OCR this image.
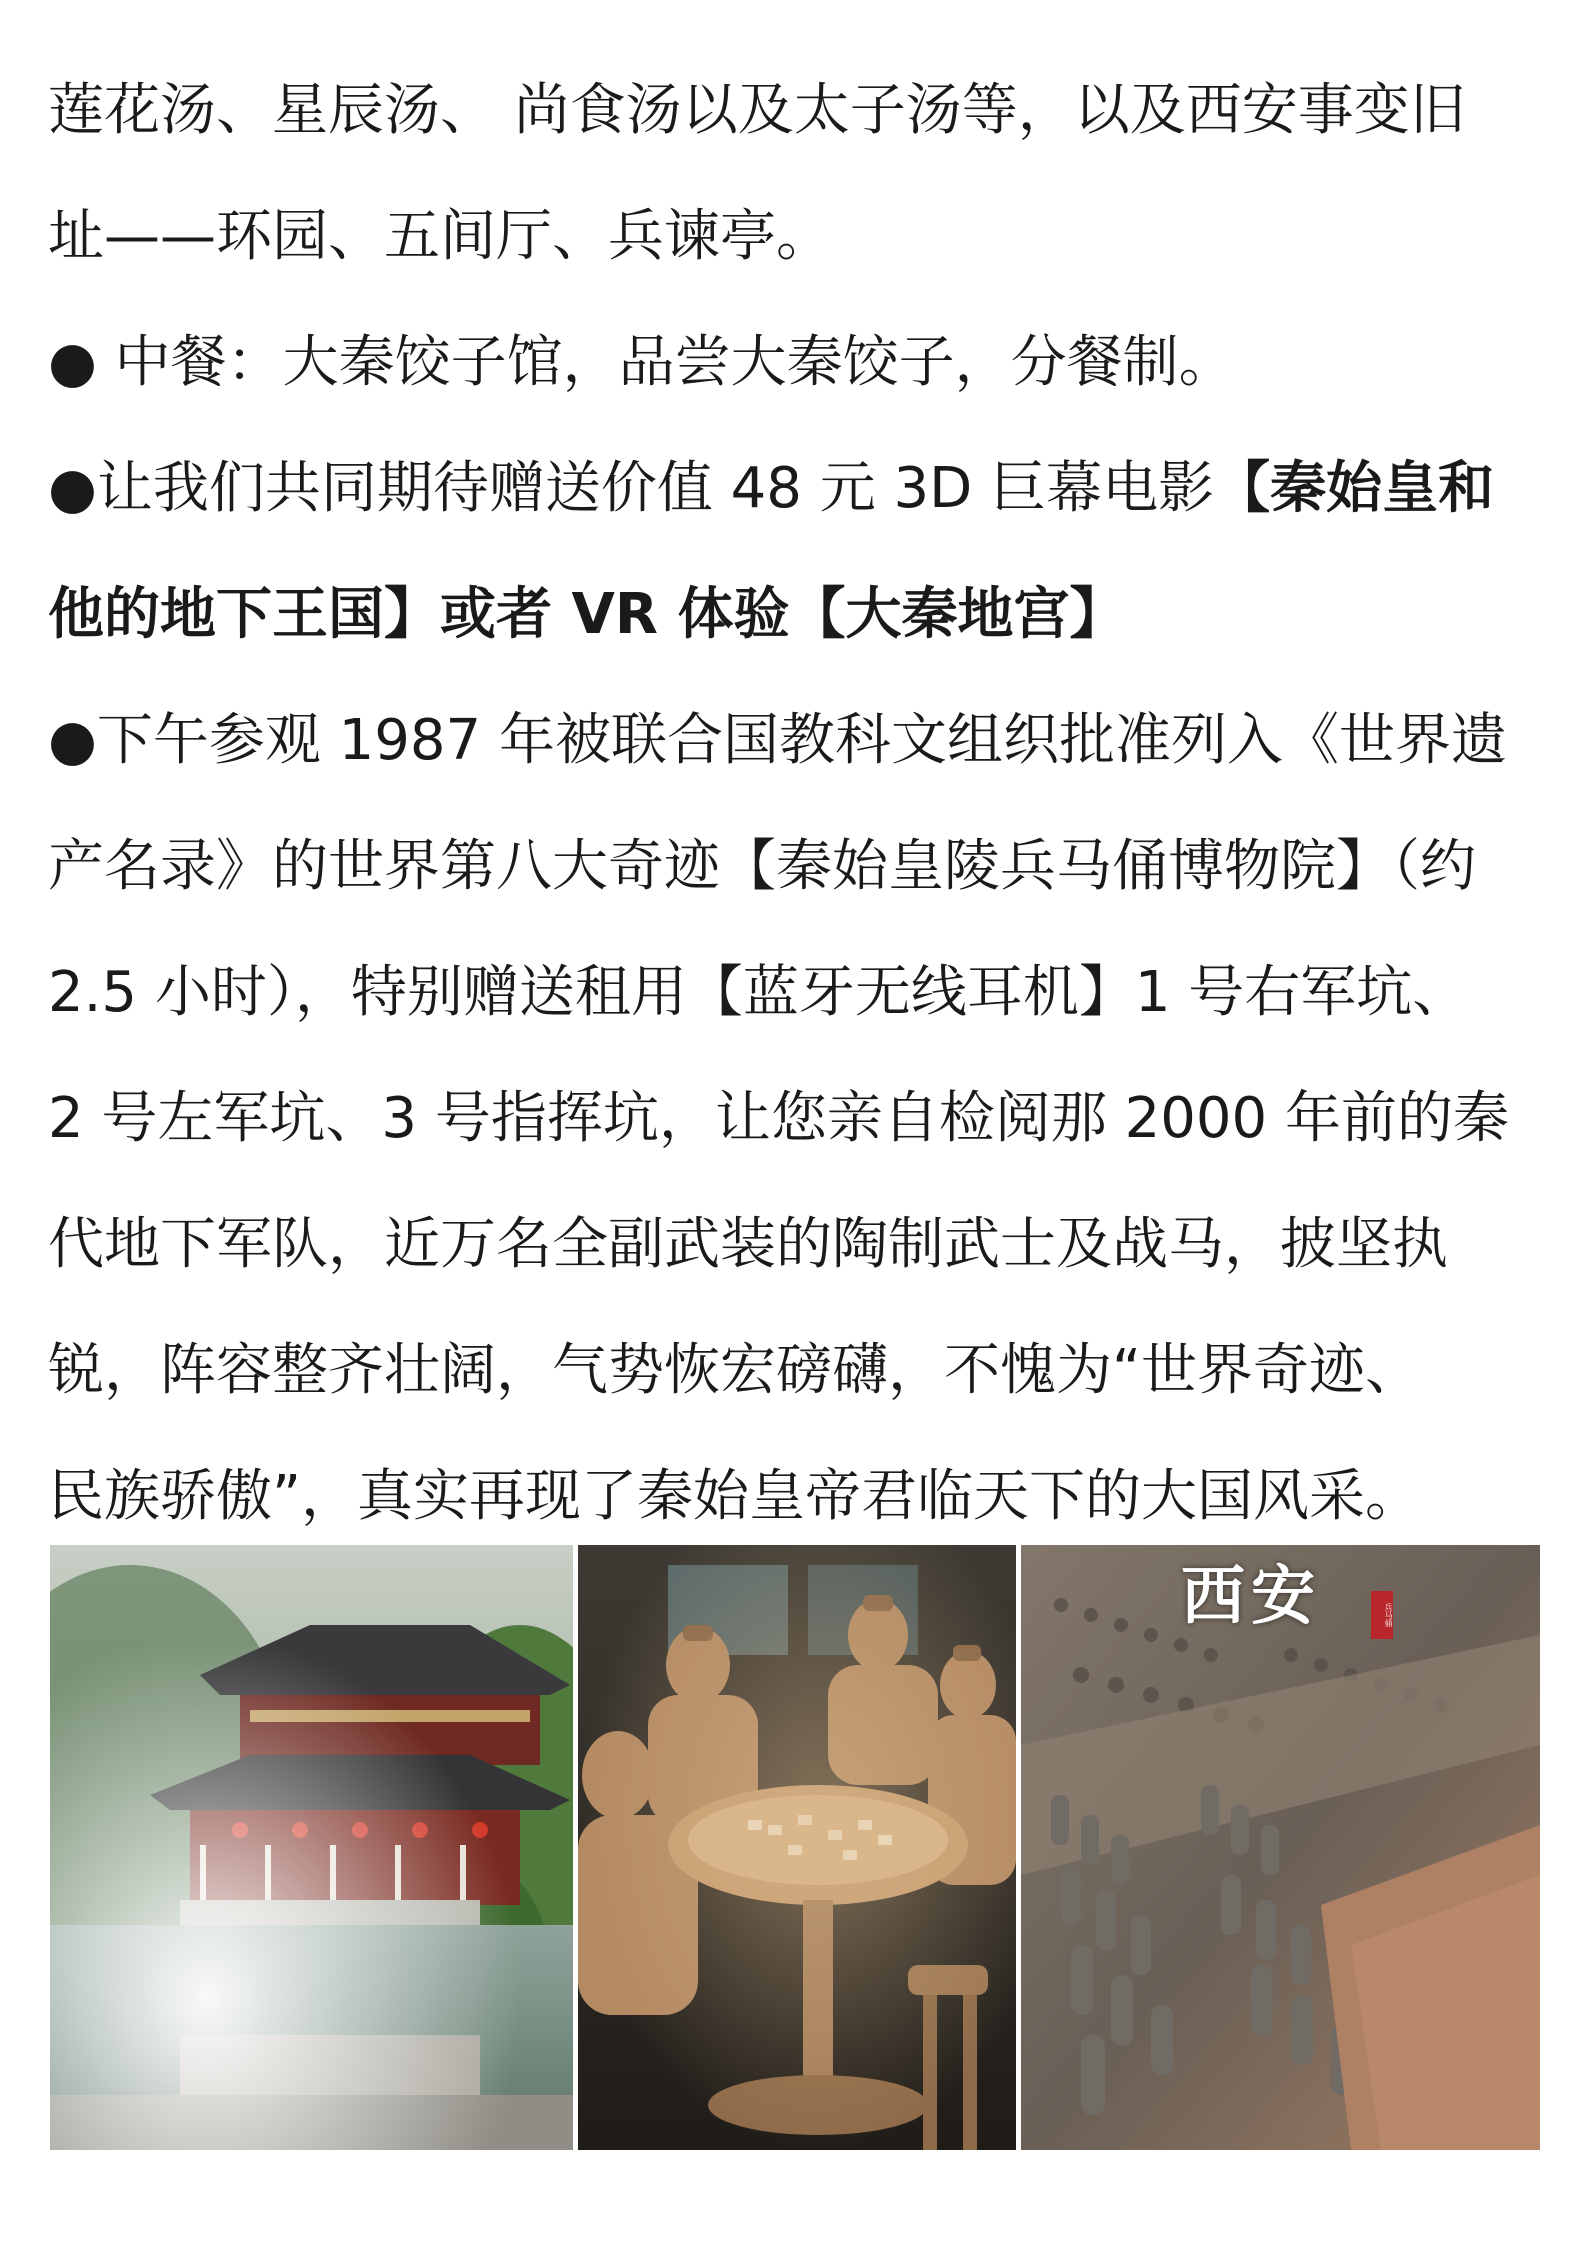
莲花汤、星辰汤、 尚食汤以及太子汤等，以及西安事变旧
址——环园、五间厅、兵谏亭。
● 中餐：大秦饺子馆，品尝大秦饺子，分餐制。
●让我们共同期待赠送价值 48 元 3D 巨幕电影【秦始皇和
他的地下王国】或者 VR 体验【大秦地宫】
●下午参观 1987 年被联合国教科文组织批准列入《世界遗
产名录》的世界第八大奇迹【秦始皇陵兵马俑博物院】（约
2.5 小时），特别赠送租用【蓝牙无线耳机】1 号右军坑、
2 号左军坑、3 号指挥坑，让您亲自检阅那 2000 年前的秦
代地下军队，近万名全副武装的陶制武士及战马，披坚执
锐，阵容整齐壮阔，气势恢宏磅礴，不愧为“世界奇迹、
民族骄傲”，真实再现了秦始皇帝君临天下的大国风采。
西安	兵马俑
